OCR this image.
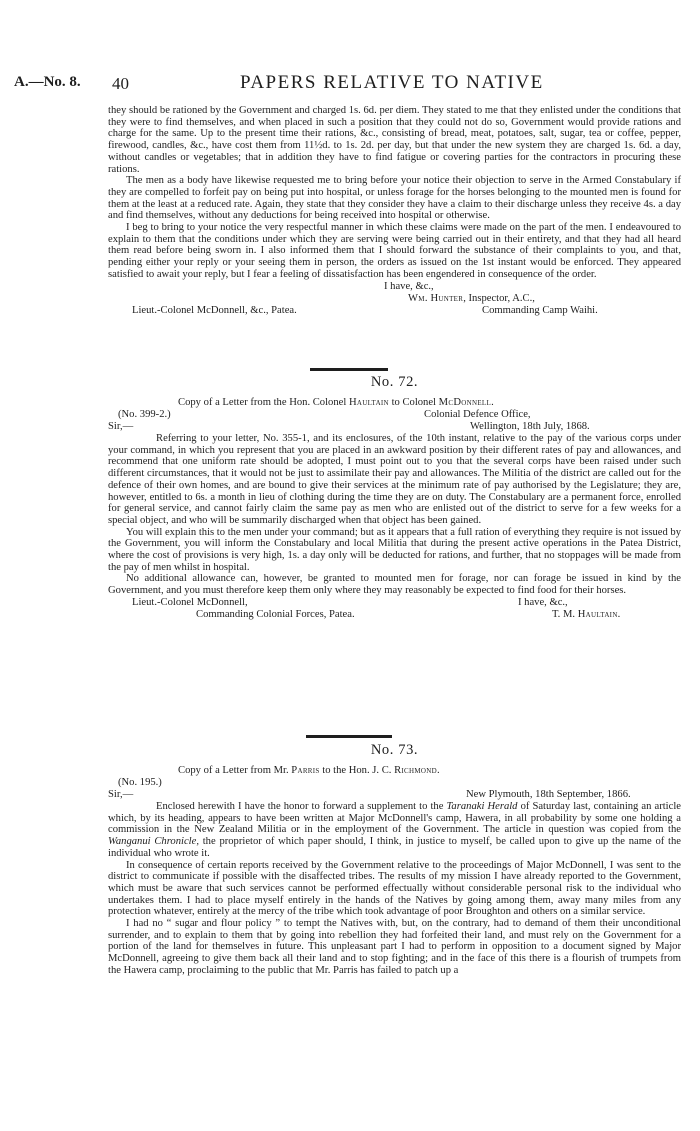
A.—No. 8. 40	PAPERS RELATIVE TO NATIVE

they should be rationed by the Government and charged 1s. 6d. per diem. They stated to me that they enlisted under the conditions that they were to find themselves, and when placed in such a position that they could not do so, Government would provide rations and charge for the same. Up to the present time their rations, &c., consisting of bread, meat, potatoes, salt, sugar, tea or coffee, pepper, firewood, candles, &c., have cost them from 11½d. to 1s. 2d. per day, but that under the new system they are charged 1s. 6d. a day, without candles or vegetables; that in addition they have to find fatigue or covering parties for the contractors in procuring these rations.

The men as a body have likewise requested me to bring before your notice their objection to serve in the Armed Constabulary if they are compelled to forfeit pay on being put into hospital, or unless forage for the horses belonging to the mounted men is found for them at the least at a reduced rate. Again, they state that they consider they have a claim to their discharge unless they receive 4s. a day and find themselves, without any deductions for being received into hospital or otherwise.

I beg to bring to your notice the very respectful manner in which these claims were made on the part of the men. I endeavoured to explain to them that the conditions under which they are serving were being carried out in their entirety, and that they had all heard them read before being sworn in. I also informed them that I should forward the substance of their complaints to you, and that, pending either your reply or your seeing them in person, the orders as issued on the 1st instant would be enforced. They appeared satisfied to await your reply, but I fear a feeling of dissatisfaction has been engendered in consequence of the order.

I have, &c.,
Wm. Hunter, Inspector, A.C.,
Lieut.-Colonel McDonnell, &c., Patea.	Commanding Camp Waihi.
No. 72.
Copy of a Letter from the Hon. Colonel Haultain to Colonel McDonnell.
(No. 399-2.)	Colonial Defence Office,
Sir,—	Wellington, 18th July, 1868.

Referring to your letter, No. 355-1, and its enclosures, of the 10th instant, relative to the pay of the various corps under your command, in which you represent that you are placed in an awkward position by their different rates of pay and allowances, and recommend that one uniform rate should be adopted, I must point out to you that the several corps have been raised under such different circumstances, that it would not be just to assimilate their pay and allowances. The Militia of the district are called out for the defence of their own homes, and are bound to give their services at the minimum rate of pay authorised by the Legislature; they are, however, entitled to 6s. a month in lieu of clothing during the time they are on duty. The Constabulary are a permanent force, enrolled for general service, and cannot fairly claim the same pay as men who are enlisted out of the district to serve for a few weeks for a special object, and who will be summarily discharged when that object has been gained.

You will explain this to the men under your command; but as it appears that a full ration of everything they require is not issued by the Government, you will inform the Constabulary and local Militia that during the present active operations in the Patea District, where the cost of provisions is very high, 1s. a day only will be deducted for rations, and further, that no stoppages will be made from the pay of men whilst in hospital.

No additional allowance can, however, be granted to mounted men for forage, nor can forage be issued in kind by the Government, and you must therefore keep them only where they may reasonably be expected to find food for their horses.

Lieut.-Colonel McDonnell,	I have, &c.,
Commanding Colonial Forces, Patea.	T. M. Haultain.
No. 73.
Copy of a Letter from Mr. Parris to the Hon. J. C. Richmond.
(No. 195.)
Sir,—	New Plymouth, 18th September, 1866.

Enclosed herewith I have the honor to forward a supplement to the Taranaki Herald of Saturday last, containing an article which, by its heading, appears to have been written at Major McDonnell's camp, Hawera, in all probability by some one holding a commission in the New Zealand Militia or in the employment of the Government. The article in question was copied from the Wanganui Chronicle, the proprietor of which paper should, I think, in justice to myself, be called upon to give up the name of the individual who wrote it.

In consequence of certain reports received by the Government relative to the proceedings of Major McDonnell, I was sent to the district to communicate if possible with the disaffected tribes. The results of my mission I have already reported to the Government, which must be aware that such services cannot be performed effectually without considerable personal risk to the individual who undertakes them. I had to place myself entirely in the hands of the Natives by going among them, away many miles from any protection whatever, entirely at the mercy of the tribe which took advantage of poor Broughton and others on a similar service.

I had no “ sugar and flour policy ” to tempt the Natives with, but, on the contrary, had to demand of them their unconditional surrender, and to explain to them that by going into rebellion they had forfeited their land, and must rely on the Government for a portion of the land for themselves in future. This unpleasant part I had to perform in opposition to a document signed by Major McDonnell, agreeing to give them back all their land and to stop fighting; and in the face of this there is a flourish of trumpets from the Hawera camp, proclaiming to the public that Mr. Parris has failed to patch up a
